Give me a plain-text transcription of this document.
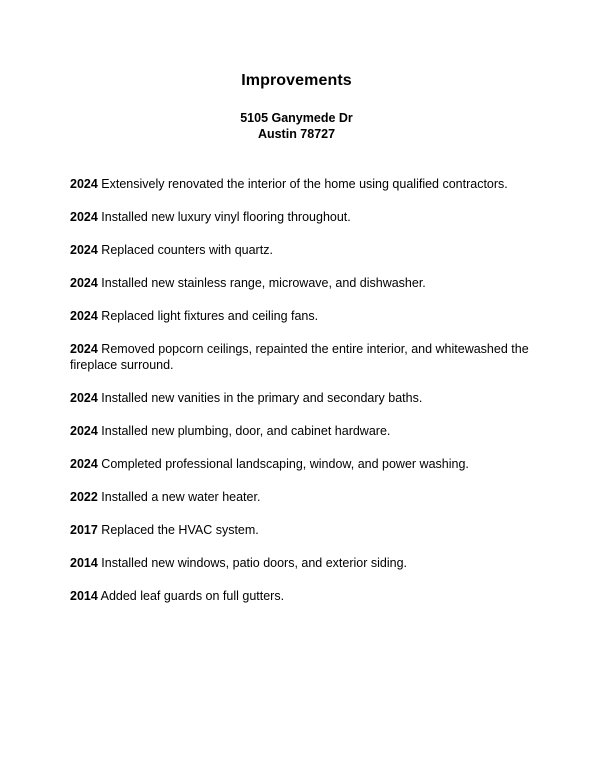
Improvements
5105 Ganymede Dr
Austin 78727
2024 Extensively renovated the interior of the home using qualified contractors.
2024 Installed new luxury vinyl flooring throughout.
2024 Replaced counters with quartz.
2024 Installed new stainless range, microwave, and dishwasher.
2024 Replaced light fixtures and ceiling fans.
2024 Removed popcorn ceilings, repainted the entire interior, and whitewashed the fireplace surround.
2024 Installed new vanities in the primary and secondary baths.
2024 Installed new plumbing, door, and cabinet hardware.
2024 Completed professional landscaping, window, and power washing.
2022 Installed a new water heater.
2017 Replaced the HVAC system.
2014 Installed new windows, patio doors, and exterior siding.
2014 Added leaf guards on full gutters.
